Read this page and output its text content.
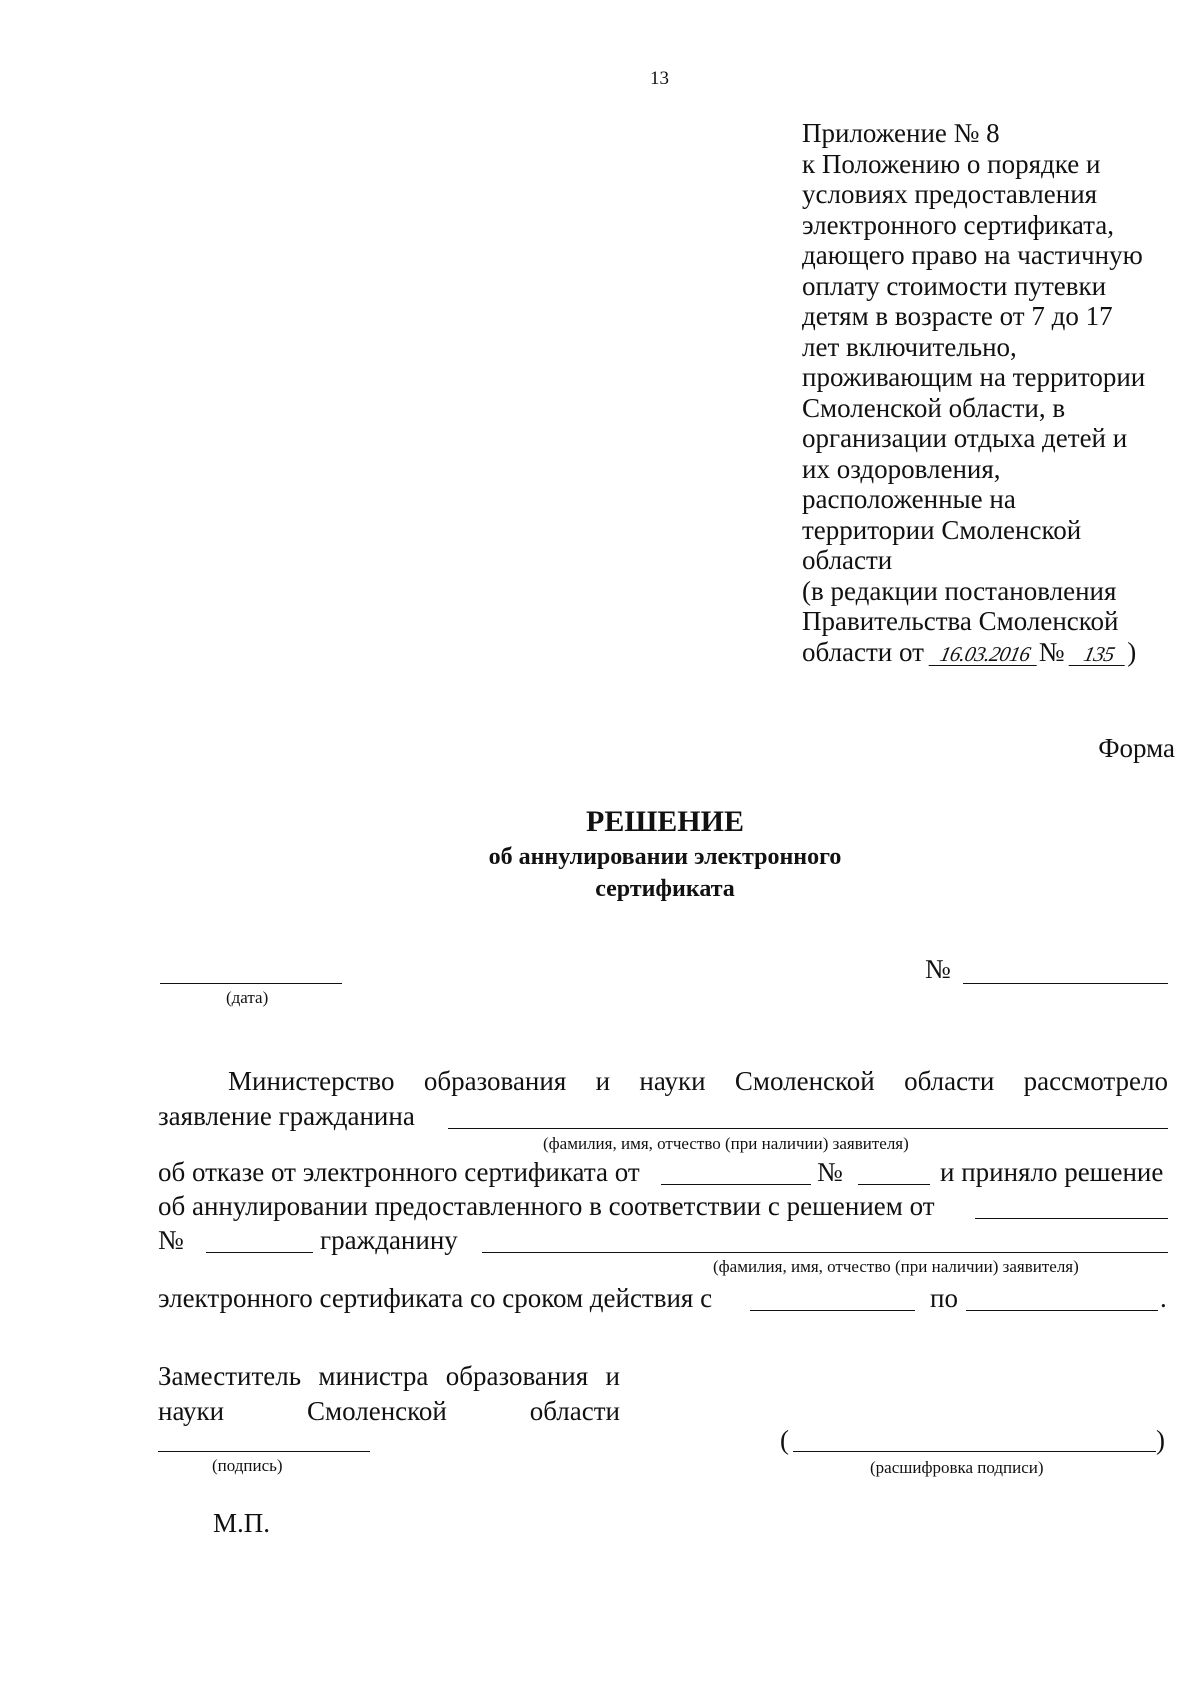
13
Приложение № 8
к Положению о порядке и
условиях предоставления
электронного сертификата,
дающего право на частичную
оплату стоимости путевки
детям в возрасте от 7 до 17
лет включительно,
проживающим на территории
Смоленской области, в
организации отдыха детей и
их оздоровления,
расположенные на
территории Смоленской
области
(в редакции постановления
Правительства Смоленской
области от 16.03.2016 № 135 )
Форма
РЕШЕНИЕ
об аннулировании электронного
сертификата
(дата)
№
Министерство образования и науки Смоленской области рассмотрело
заявление гражданина
(фамилия, имя, отчество (при наличии) заявителя)
об отказе от электронного сертификата от	№	и приняло решение
об аннулировании предоставленного в соответствии с решением от
№	гражданину
(фамилия, имя, отчество (при наличии) заявителя)
электронного сертификата со сроком действия с	по	.
Заместитель министра образования и
науки	Смоленской	области
(подпись)
(	)
(расшифровка подписи)
М.П.
